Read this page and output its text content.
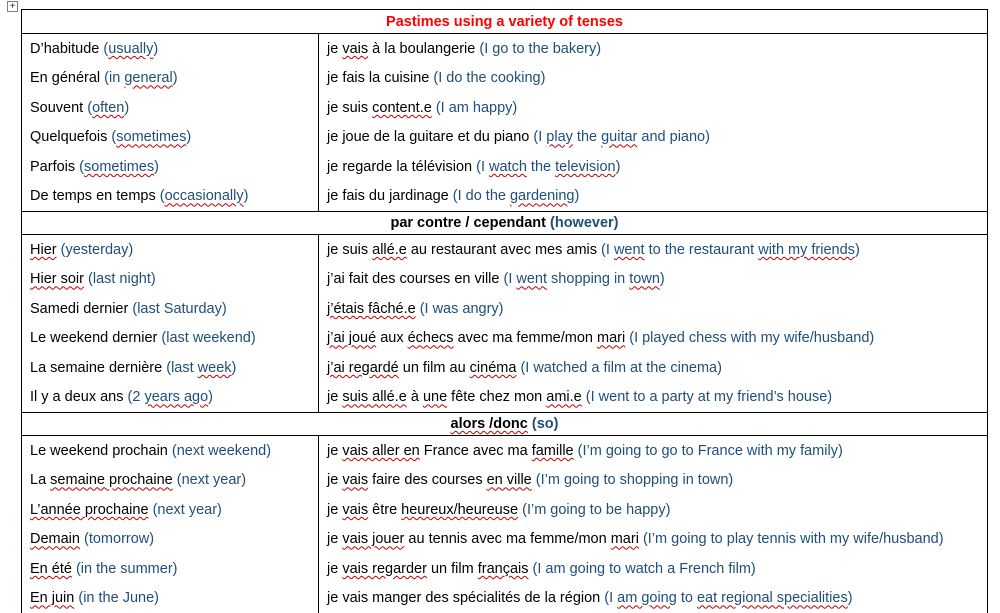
+
Pastimes using a variety of tenses	
D’habitude (usually)	je vais à la boulangerie (I go to the bakery)
En général (in general)	je fais la cuisine (I do the cooking)
Souvent (often)	je suis content.e (I am happy)
Quelquefois (sometimes)	je joue de la guitare et du piano (I play the guitar and piano)
Parfois (sometimes)	je regarde la télévision (I watch the television)
De temps en temps (occasionally)	je fais du jardinage (I do the gardening)
par contre / cependant (however)	
Hier (yesterday)	je suis allé.e au restaurant avec mes amis (I went to the restaurant with my friends)
Hier soir (last night)	j’ai fait des courses en ville (I went shopping in town)
Samedi dernier (last Saturday)	j’étais fâché.e (I was angry)
Le weekend dernier (last weekend)	j’ai joué aux échecs avec ma femme/mon mari (I played chess with my wife/husband)
La semaine dernière (last week)	j’ai regardé un film au cinéma (I watched a film at the cinema)
Il y a deux ans (2 years ago)	je suis allé.e à une fête chez mon ami.e (I went to a party at my friend’s house)
alors /donc (so)	
Le weekend prochain (next weekend)	je vais aller en France avec ma famille (I’m going to go to France with my family)
La semaine prochaine (next year)	je vais faire des courses en ville (I’m going to shopping in town)
L’année prochaine (next year)	je vais être heureux/heureuse (I’m going to be happy)
Demain (tomorrow)	je vais jouer au tennis avec ma femme/mon mari (I’m going to play tennis with my wife/husband)
En été (in the summer)	je vais regarder un film français (I am going to watch a French film)
En juin (in the June)	je vais manger des spécialités de la région (I am going to eat regional specialities)
